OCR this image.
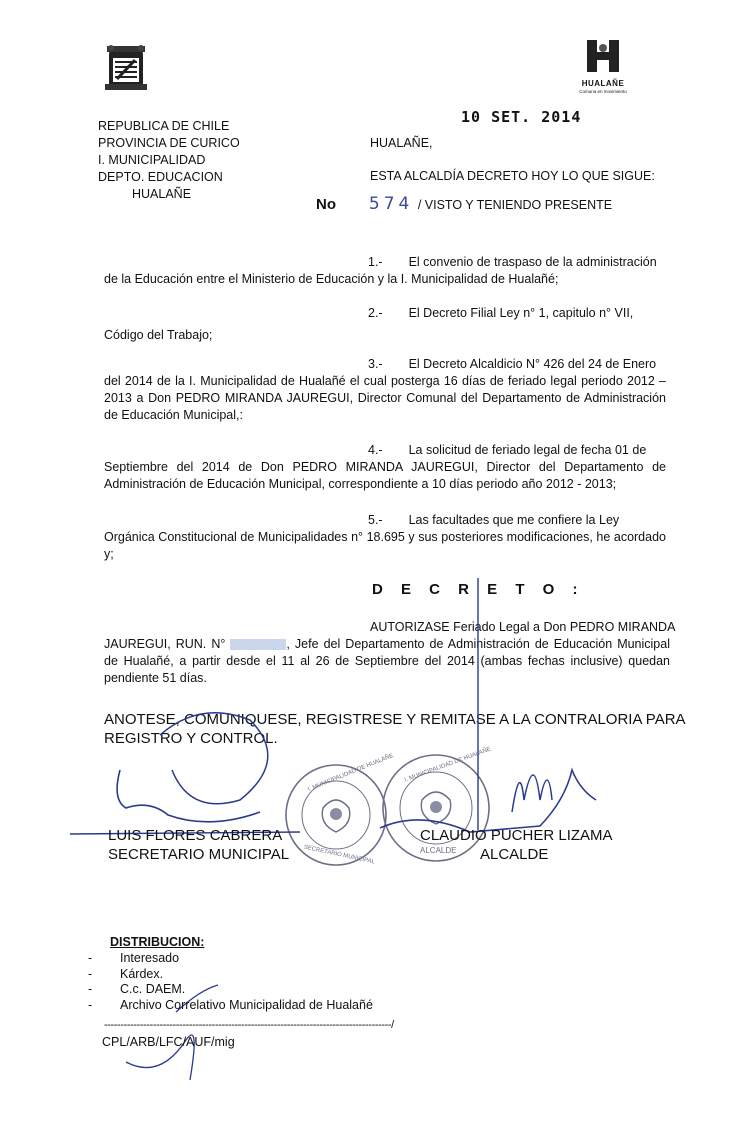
HUALAÑE
Comuna en movimiento
REPUBLICA DE CHILE
PROVINCIA DE CURICO
I. MUNICIPALIDAD
DEPTO. EDUCACION
HUALAÑE
10 SET. 2014
HUALAÑE,
ESTA ALCALDÍA DECRETO HOY LO QUE SIGUE:
No 574 / VISTO Y TENIENDO PRESENTE
1.- El convenio de traspaso de la administración
de la Educación entre el Ministerio de Educación y la I. Municipalidad de Hualañé;
2.- El Decreto Filial Ley n° 1, capitulo n° VII,
Código del Trabajo;
3.- El Decreto Alcaldicio N° 426 del 24 de Enero
del 2014 de la I. Municipalidad de Hualañé el cual posterga 16 días de feriado legal periodo 2012 – 2013 a Don PEDRO MIRANDA JAUREGUI, Director Comunal del Departamento de Administración de Educación Municipal,:
4.- La solicitud de feriado legal de fecha 01 de
Septiembre del 2014 de Don PEDRO MIRANDA JAUREGUI, Director del Departamento de Administración de Educación Municipal, correspondiente a 10 días periodo año 2012 - 2013;
5.- Las facultades que me confiere la Ley
Orgánica Constitucional de Municipalidades n° 18.695 y sus posteriores modificaciones, he acordado y;
D E C R E T O :
AUTORIZASE Feriado Legal a Don PEDRO MIRANDA
JAUREGUI, RUN. N°	, Jefe del Departamento de Administración de Educación Municipal de Hualañé, a partir desde el 11 al 26 de Septiembre del 2014 (ambas fechas inclusive) quedan pendiente 51 días.
ANOTESE, COMUNIQUESE, REGISTRESE Y REMITASE A LA CONTRALORIA PARA
REGISTRO Y CONTROL.
I. MUNICIPALIDAD DE HUALAÑE
SECRETARIO MUNICIPAL
I. MUNICIPALIDAD DE HUALAÑE
ALCALDE
LUIS FLORES CABRERA
SECRETARIO MUNICIPAL
CLAUDIO PUCHER LIZAMA
ALCALDE
DISTRIBUCION:
- Interesado
- Kárdex.
- C.c. DAEM.
- Archivo Correlativo Municipalidad de Hualañé
----------------------------------------------------------------------------------------/
CPL/ARB/LFC/AUF/mig
